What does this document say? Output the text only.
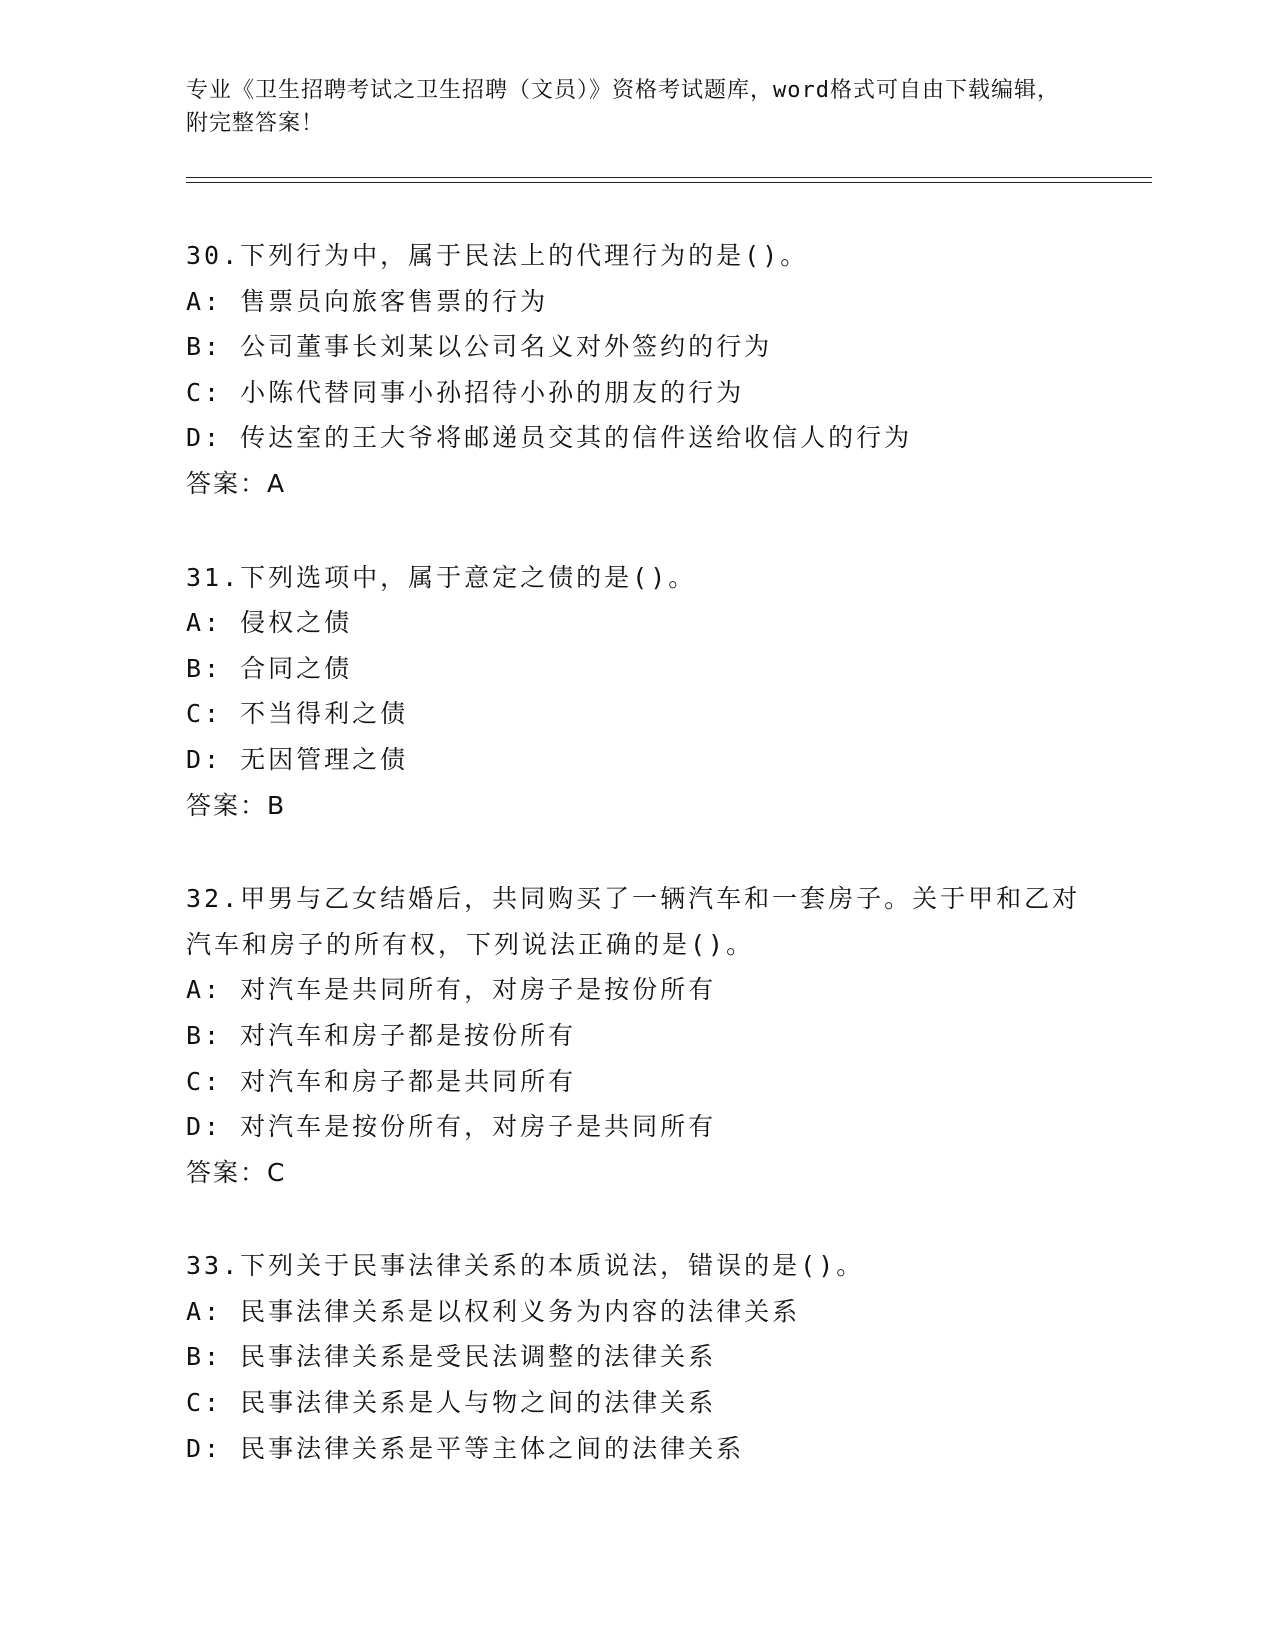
专业《卫生招聘考试之卫生招聘（文员）》资格考试题库，word格式可自由下载编辑，附完整答案！
30.下列行为中，属于民法上的代理行为的是()。
A: 售票员向旅客售票的行为
B: 公司董事长刘某以公司名义对外签约的行为
C: 小陈代替同事小孙招待小孙的朋友的行为
D: 传达室的王大爷将邮递员交其的信件送给收信人的行为
答案：A
31.下列选项中，属于意定之债的是()。
A: 侵权之债
B: 合同之债
C: 不当得利之债
D: 无因管理之债
答案：B
32.甲男与乙女结婚后，共同购买了一辆汽车和一套房子。关于甲和乙对汽车和房子的所有权，下列说法正确的是()。
A: 对汽车是共同所有，对房子是按份所有
B: 对汽车和房子都是按份所有
C: 对汽车和房子都是共同所有
D: 对汽车是按份所有，对房子是共同所有
答案：C
33.下列关于民事法律关系的本质说法，错误的是()。
A: 民事法律关系是以权利义务为内容的法律关系
B: 民事法律关系是受民法调整的法律关系
C: 民事法律关系是人与物之间的法律关系
D: 民事法律关系是平等主体之间的法律关系
